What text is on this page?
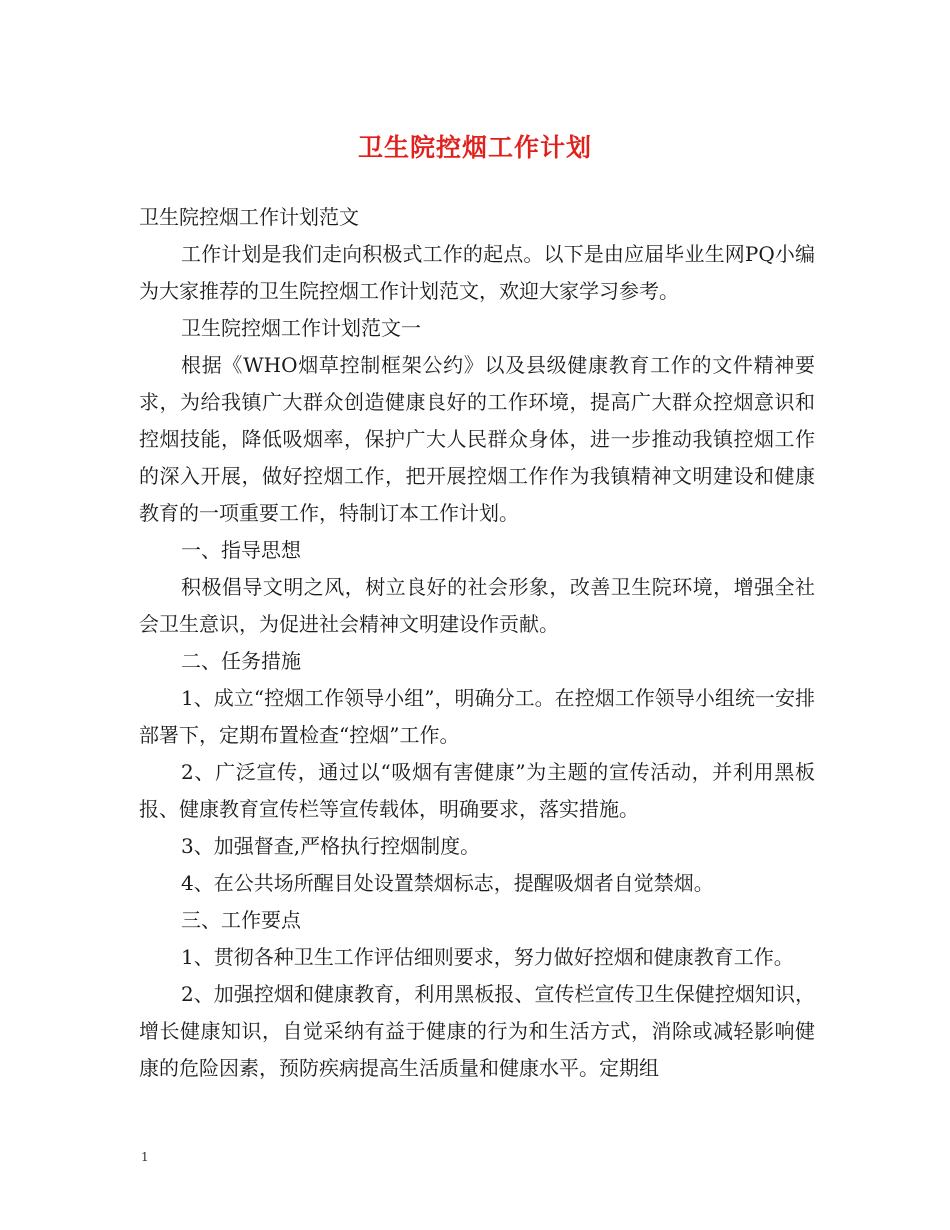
卫生院控烟工作计划

卫生院控烟工作计划范文

工作计划是我们走向积极式工作的起点。以下是由应届毕业生网PQ小编为大家推荐的卫生院控烟工作计划范文，欢迎大家学习参考。

卫生院控烟工作计划范文一

根据《WHO烟草控制框架公约》以及县级健康教育工作的文件精神要求，为给我镇广大群众创造健康良好的工作环境，提高广大群众控烟意识和控烟技能，降低吸烟率，保护广大人民群众身体，进一步推动我镇控烟工作的深入开展，做好控烟工作，把开展控烟工作作为我镇精神文明建设和健康教育的一项重要工作，特制订本工作计划。

一、指导思想

积极倡导文明之风，树立良好的社会形象，改善卫生院环境，增强全社会卫生意识，为促进社会精神文明建设作贡献。

二、任务措施

1、成立“控烟工作领导小组”，明确分工。在控烟工作领导小组统一安排部署下，定期布置检查“控烟”工作。

2、广泛宣传，通过以“吸烟有害健康”为主题的宣传活动，并利用黑板报、健康教育宣传栏等宣传载体，明确要求，落实措施。

3、加强督查,严格执行控烟制度。

4、在公共场所醒目处设置禁烟标志，提醒吸烟者自觉禁烟。

三、工作要点

1、贯彻各种卫生工作评估细则要求，努力做好控烟和健康教育工作。

2、加强控烟和健康教育，利用黑板报、宣传栏宣传卫生保健控烟知识，增长健康知识，自觉采纳有益于健康的行为和生活方式，消除或减轻影响健康的危险因素，预防疾病提高生活质量和健康水平。定期组

1
